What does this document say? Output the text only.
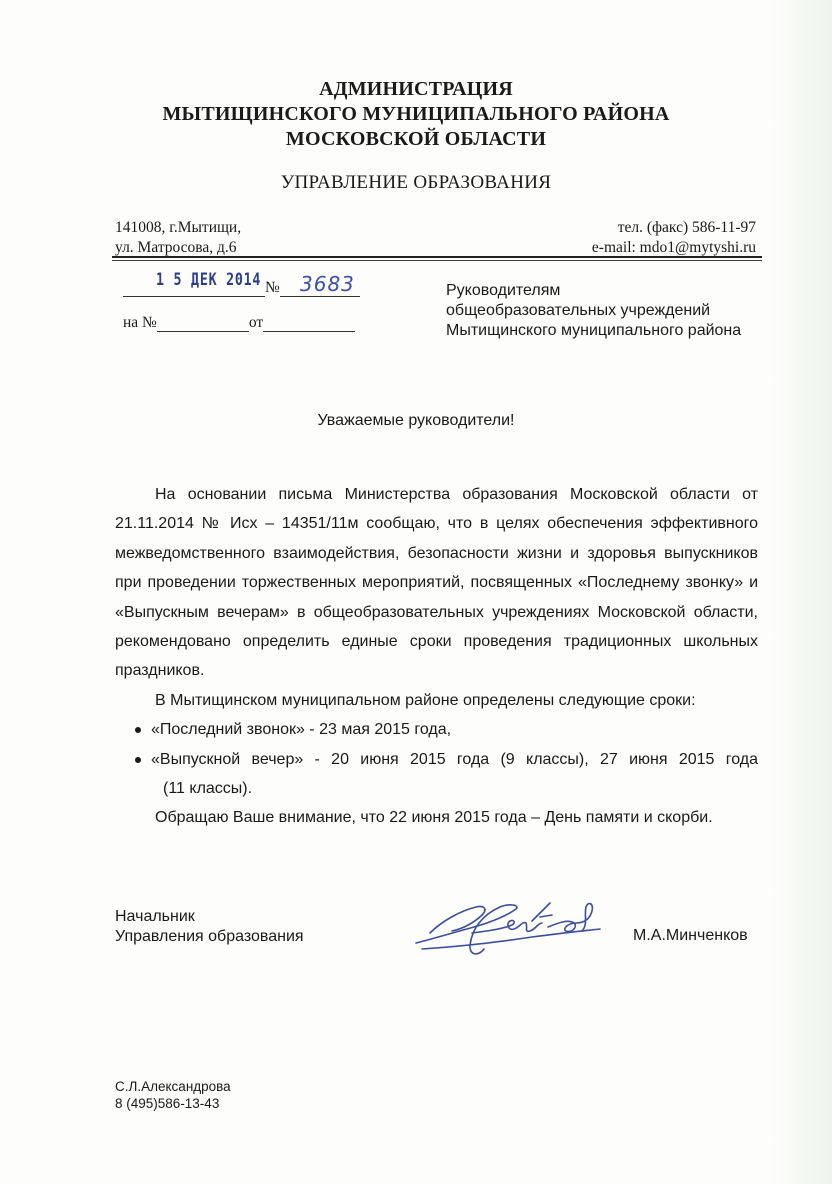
АДМИНИСТРАЦИЯ
МЫТИЩИНСКОГО МУНИЦИПАЛЬНОГО РАЙОНА
МОСКОВСКОЙ ОБЛАСТИ
УПРАВЛЕНИЕ ОБРАЗОВАНИЯ
141008, г.Мытищи,
ул. Матросова, д.6
тел. (факс) 586-11-97
e-mail: mdo1@mytyshi.ru
№
1 5 ДЕК 2014 3683
на №	от
Руководителям
общеобразовательных учреждений
Мытищинского муниципального района
Уважаемые руководители!

На основании письма Министерства образования Московской области от 21.11.2014 № Исх – 14351/11м сообщаю, что в целях обеспечения эффективного межведомственного взаимодействия, безопасности жизни и здоровья выпускников при проведении торжественных мероприятий, посвященных «Последнему звонку» и «Выпускным вечерам» в общеобразовательных учреждениях Московской области, рекомендовано определить единые сроки проведения традиционных школьных праздников.

В Мытищинском муниципальном районе определены следующие сроки:

«Последний звонок» - 23 мая 2015 года,
«Выпускной вечер» - 20 июня 2015 года (9 классы), 27 июня 2015 года
(11 классы).

Обращаю Ваше внимание, что 22 июня 2015 года – День памяти и скорби.

Начальник
Управления образования	М.А.Минченков
С.Л.Александрова
8 (495)586-13-43
